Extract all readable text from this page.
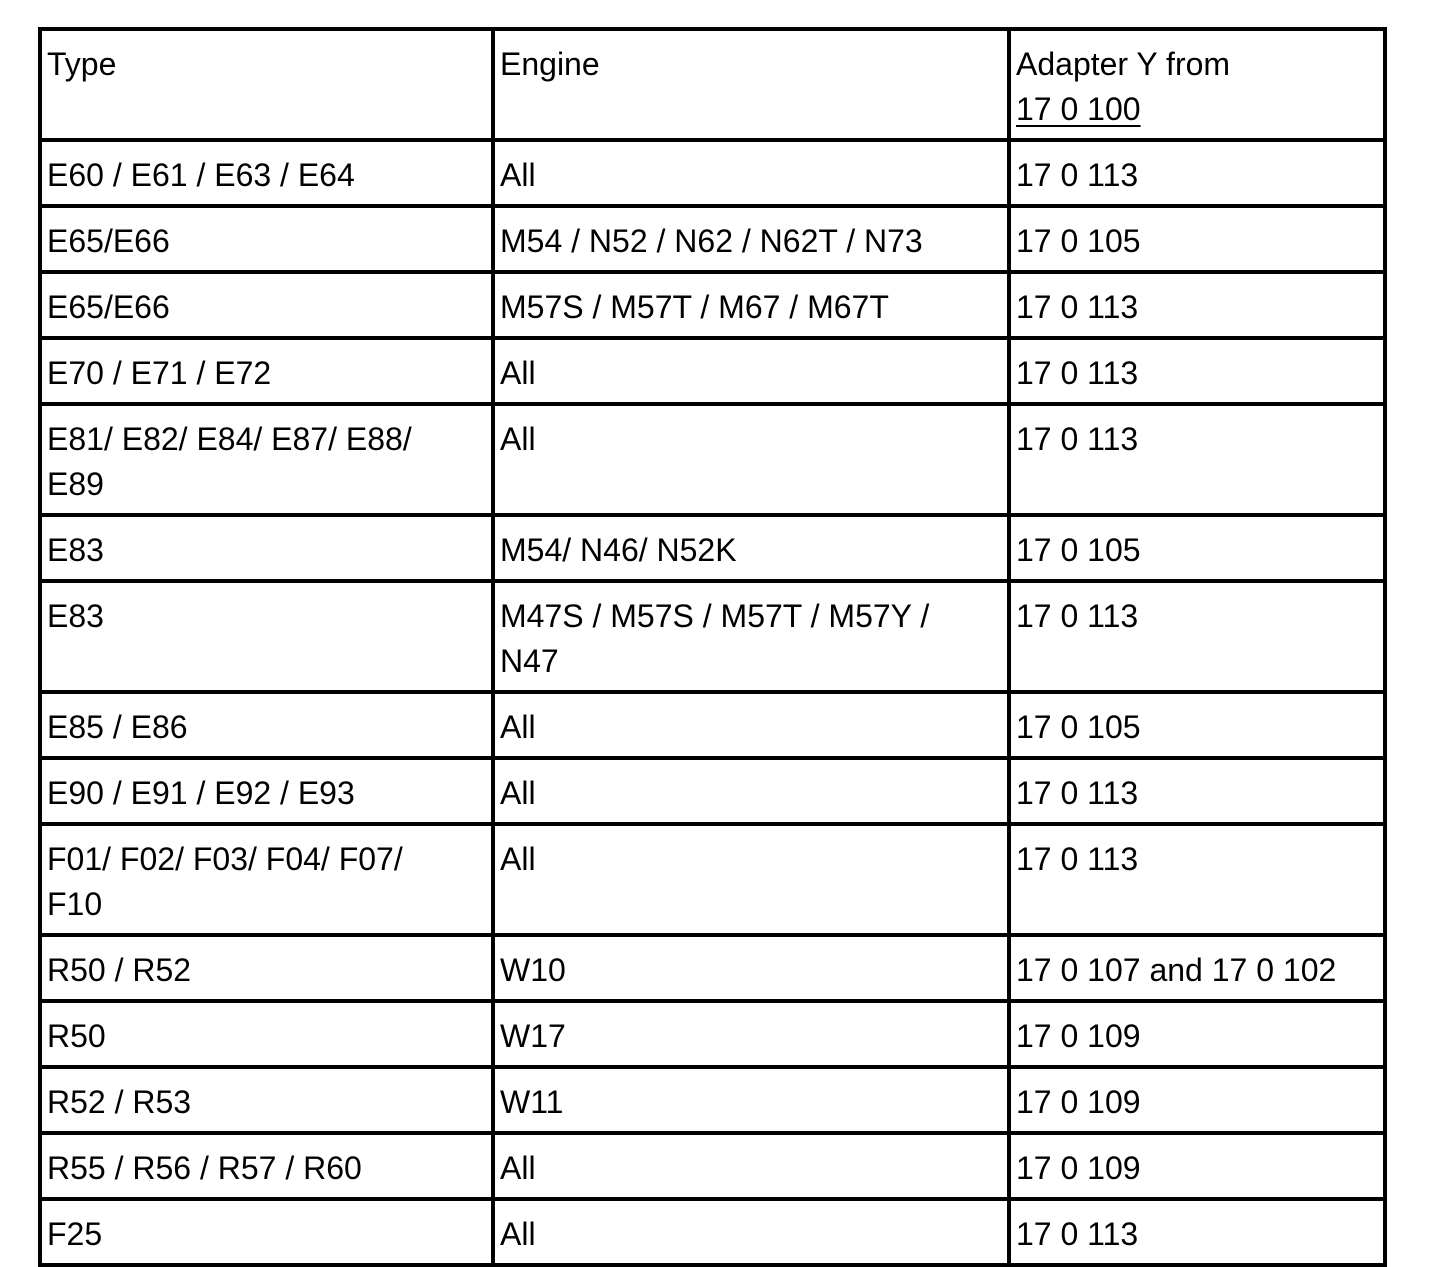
Type	Engine	Adapter Y from
17 0 100
E60 / E61 / E63 / E64	All	17 0 113
E65/E66	M54 / N52 / N62 / N62T / N73	17 0 105
E65/E66	M57S / M57T / M67 / M67T	17 0 113
E70 / E71 / E72	All	17 0 113
E81/ E82/ E84/ E87/ E88/ E89	All	17 0 113
E83	M54/ N46/ N52K	17 0 105
E83	M47S / M57S / M57T / M57Y / N47	17 0 113
E85 / E86	All	17 0 105
E90 / E91 / E92 / E93	All	17 0 113
F01/ F02/ F03/ F04/ F07/ F10	All	17 0 113
R50 / R52	W10	17 0 107 and 17 0 102
R50	W17	17 0 109
R52 / R53	W11	17 0 109
R55 / R56 / R57 / R60	All	17 0 109
F25	All	17 0 113
